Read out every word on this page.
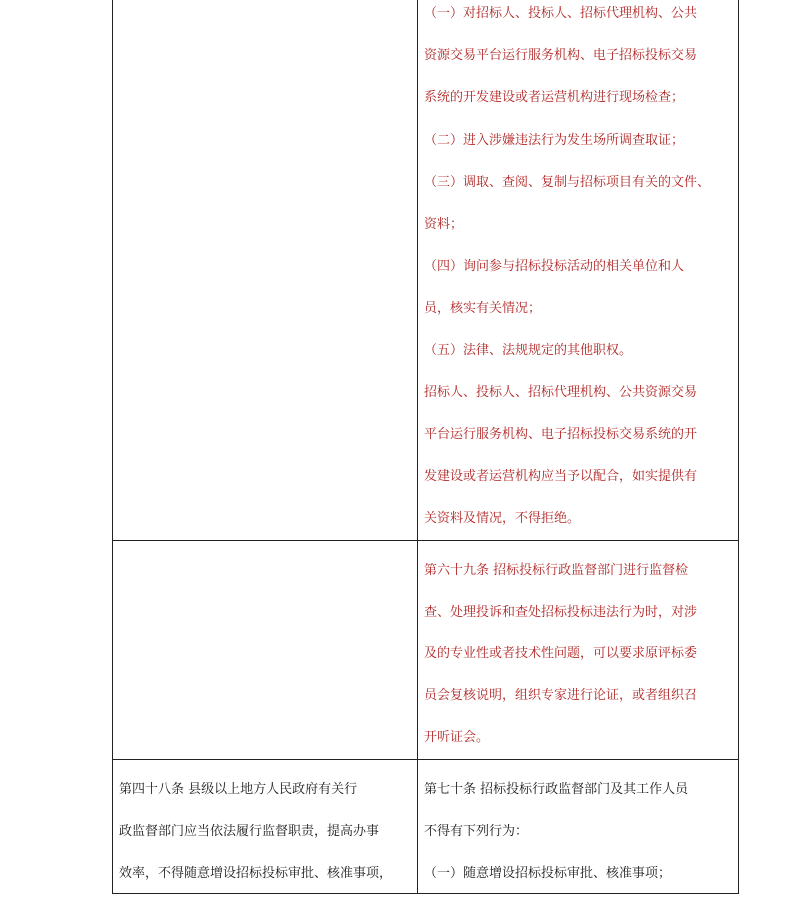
（一）对招标人、投标人、招标代理机构、公共

资源交易平台运行服务机构、电子招标投标交易

系统的开发建设或者运营机构进行现场检查；

（二）进入涉嫌违法行为发生场所调查取证；

（三）调取、查阅、复制与招标项目有关的文件、

资料；

（四）询问参与招标投标活动的相关单位和人

员，核实有关情况；

（五）法律、法规规定的其他职权。

招标人、投标人、招标代理机构、公共资源交易

平台运行服务机构、电子招标投标交易系统的开

发建设或者运营机构应当予以配合，如实提供有

关资料及情况，不得拒绝。

第六十九条 招标投标行政监督部门进行监督检

查、处理投诉和查处招标投标违法行为时，对涉

及的专业性或者技术性问题，可以要求原评标委

员会复核说明，组织专家进行论证，或者组织召

开听证会。

第四十八条 县级以上地方人民政府有关行

政监督部门应当依法履行监督职责，提高办事

效率，不得随意增设招标投标审批、核准事项，

第七十条 招标投标行政监督部门及其工作人员

不得有下列行为：

（一）随意增设招标投标审批、核准事项；
